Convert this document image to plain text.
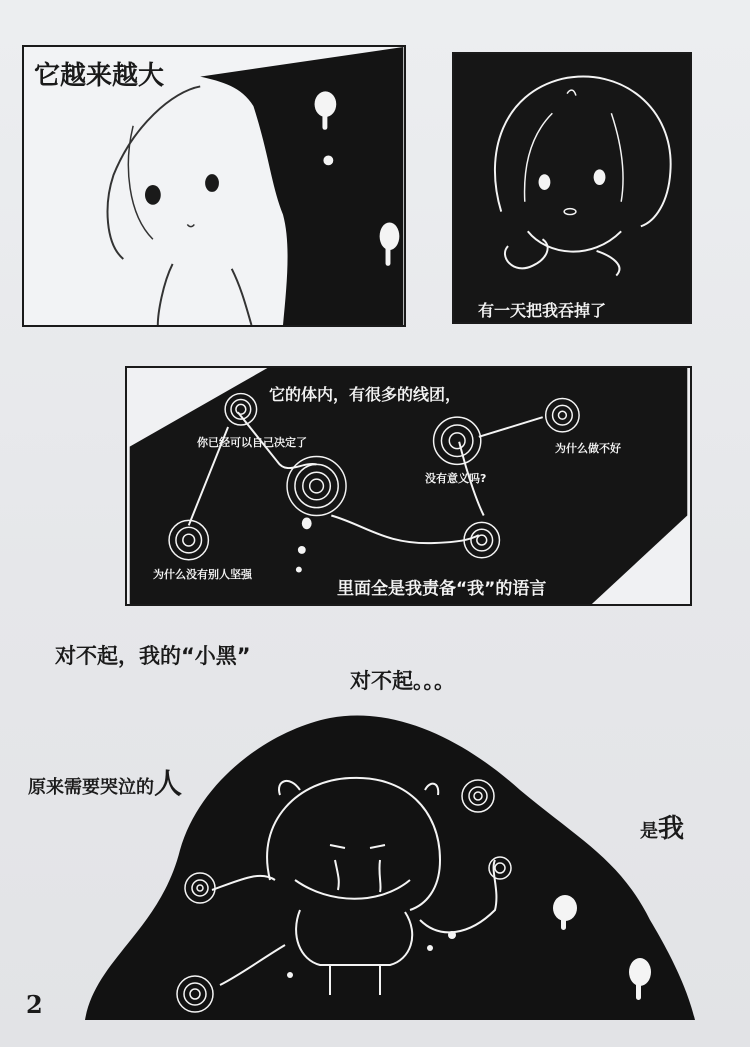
它越来越大
有一天把我吞掉了
它的体内，有很多的线团，
你已经可以自己决定了
没有意义吗?
为什么做不好
为什么没有别人坚强
里面全是我责备“我”的语言
对不起，我的“小黑”
对不起。。。
原来需要哭泣的人
是我
2
